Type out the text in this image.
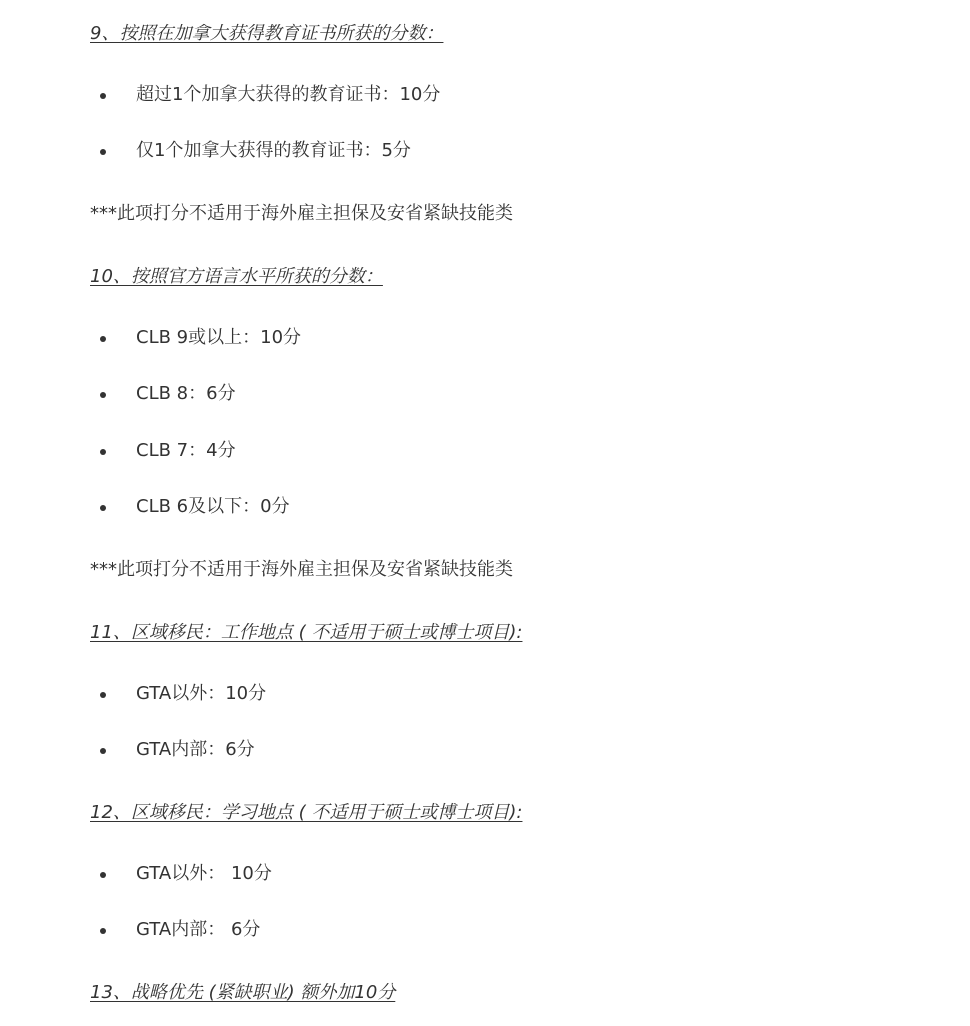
9、按照在加拿大获得教育证书所获的分数：
超过1个加拿大获得的教育证书：10分
仅1个加拿大获得的教育证书：5分
***此项打分不适用于海外雇主担保及安省紧缺技能类
10、按照官方语言水平所获的分数：
CLB 9或以上：10分
CLB 8：6分
CLB 7：4分
CLB 6及以下：0分
***此项打分不适用于海外雇主担保及安省紧缺技能类
11、区域移民：工作地点 ( 不适用于硕士或博士项目):
GTA以外：10分
GTA内部：6分
12、区域移民：学习地点 ( 不适用于硕士或博士项目):
GTA以外： 10分
GTA内部： 6分
13、战略优先 (紧缺职业) 额外加10分
